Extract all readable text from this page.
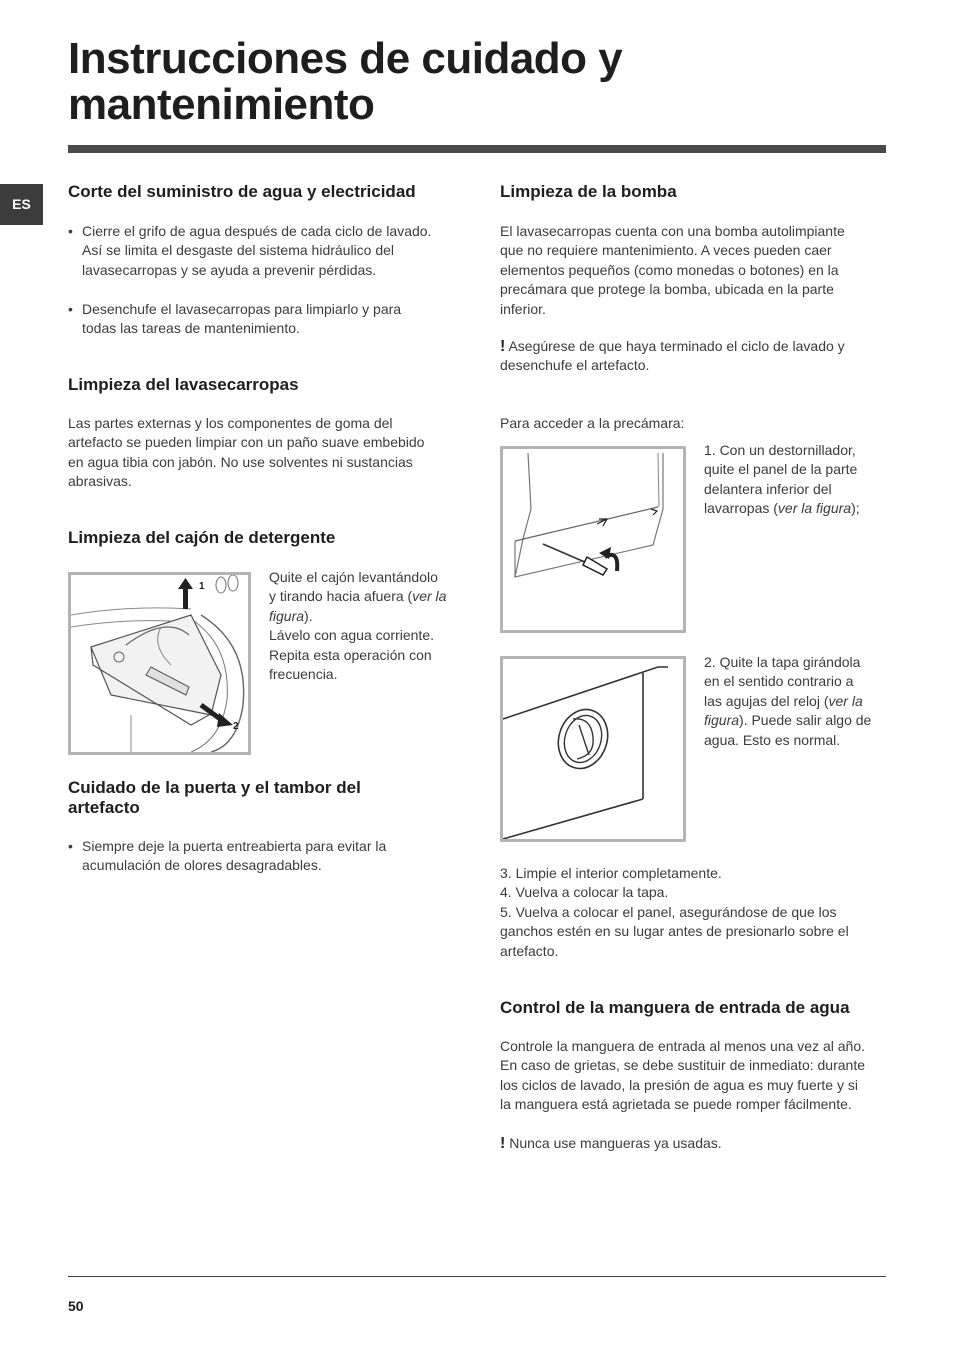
Instrucciones de cuidado y mantenimiento
ES
Corte del suministro de agua y electricidad
• Cierre el grifo de agua después de cada ciclo de lavado.
Así se limita el desgaste del sistema hidráulico del
lavasecarropas y se ayuda a prevenir pérdidas.
• Desenchufe el lavasecarropas para limpiarlo y para
todas las tareas de mantenimiento.
Limpieza del lavasecarropas
Las partes externas y los componentes de goma del
artefacto se pueden limpiar con un paño suave embebido
en agua tibia con jabón. No use solventes ni sustancias
abrasivas.
Limpieza del cajón de detergente
1
2
Quite el cajón levantándolo
y tirando hacia afuera (ver la
figura).
Lávelo con agua corriente.
Repita esta operación con
frecuencia.
Cuidado de la puerta y el tambor del
artefacto
• Siempre deje la puerta entreabierta para evitar la
acumulación de olores desagradables.
Limpieza de la bomba
El lavasecarropas cuenta con una bomba autolimpiante
que no requiere mantenimiento. A veces pueden caer
elementos pequeños (como monedas o botones) en la
precámara que protege la bomba, ubicada en la parte
inferior.
! Asegúrese de que haya terminado el ciclo de lavado y
desenchufe el artefacto.
Para acceder a la precámara:
1. Con un destornillador,
quite el panel de la parte
delantera inferior del
lavarropas (ver la figura);
2. Quite la tapa girándola
en el sentido contrario a
las agujas del reloj (ver la
figura). Puede salir algo de
agua. Esto es normal.
3. Limpie el interior completamente.
4. Vuelva a colocar la tapa.
5. Vuelva a colocar el panel, asegurándose de que los
ganchos estén en su lugar antes de presionarlo sobre el
artefacto.
Control de la manguera de entrada de agua
Controle la manguera de entrada al menos una vez al año.
En caso de grietas, se debe sustituir de inmediato: durante
los ciclos de lavado, la presión de agua es muy fuerte y si
la manguera está agrietada se puede romper fácilmente.
! Nunca use mangueras ya usadas.
50
